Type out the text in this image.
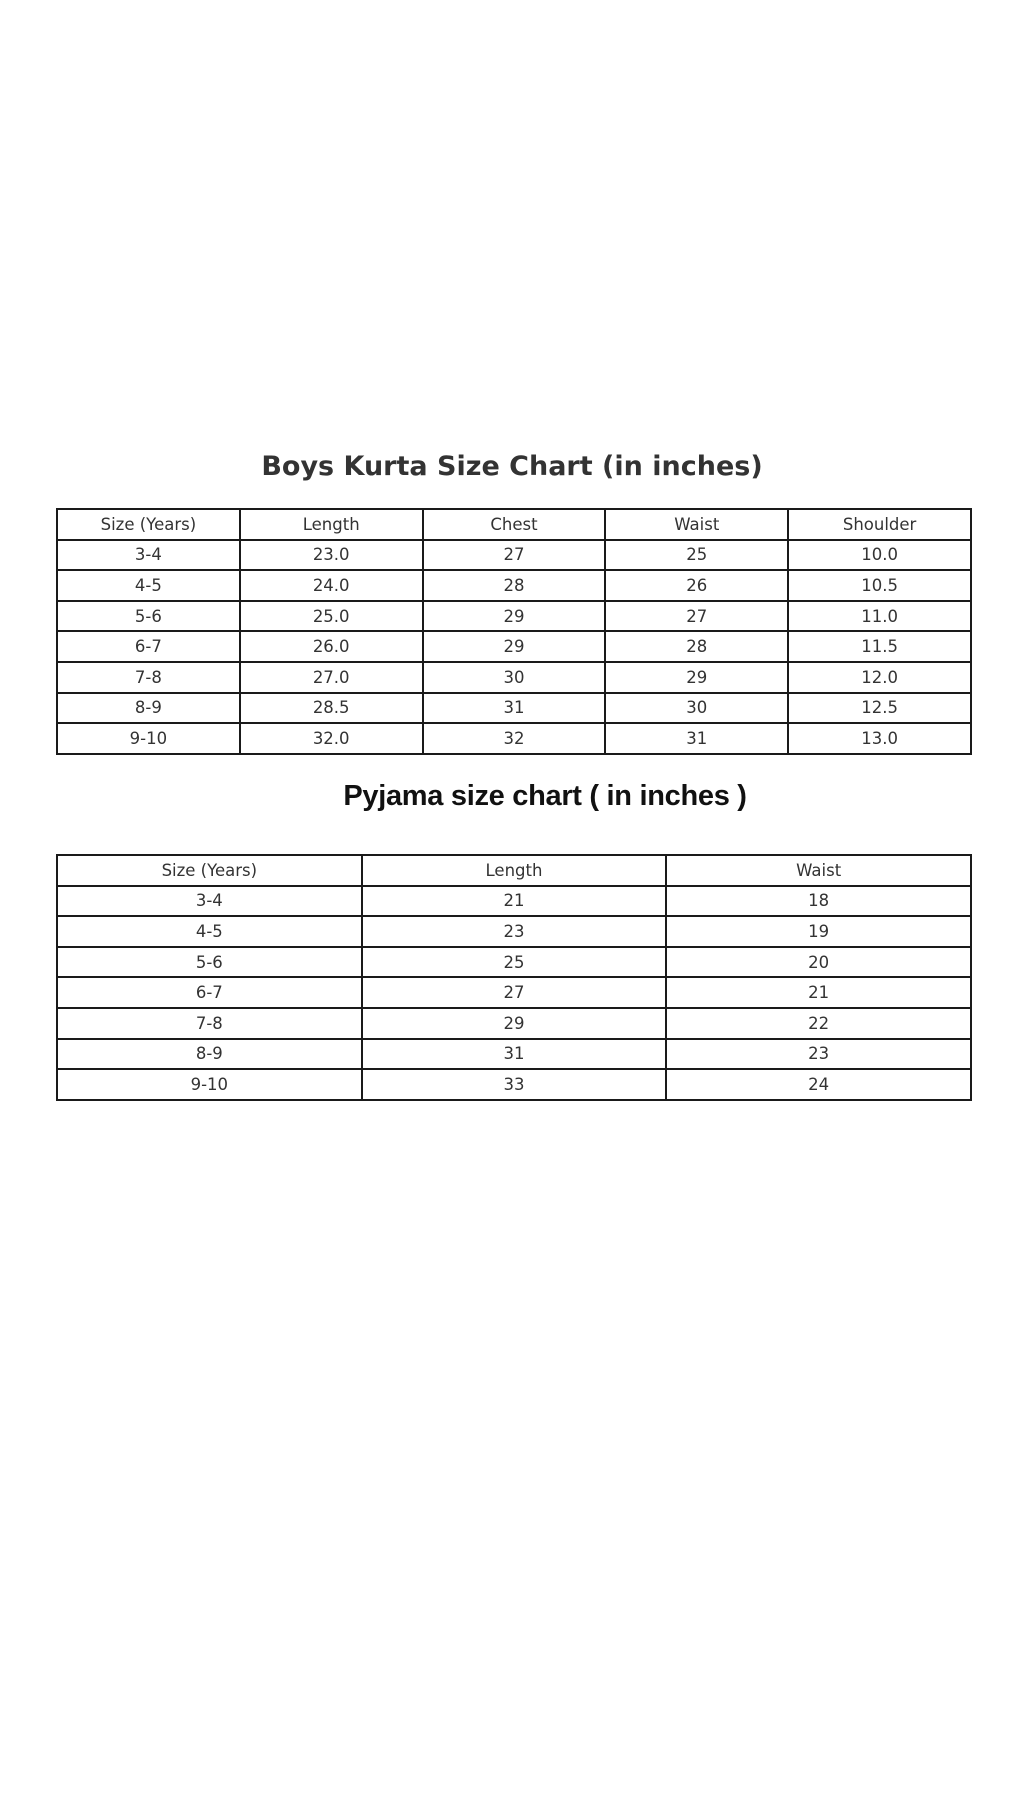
Boys Kurta Size Chart (in inches)
Size (Years)	Length	Chest	Waist	Shoulder
3-4	23.0	27	25	10.0
4-5	24.0	28	26	10.5
5-6	25.0	29	27	11.0
6-7	26.0	29	28	11.5
7-8	27.0	30	29	12.0
8-9	28.5	31	30	12.5
9-10	32.0	32	31	13.0
Pyjama size chart ( in inches )
Size (Years)	Length	Waist
3-4	21	18
4-5	23	19
5-6	25	20
6-7	27	21
7-8	29	22
8-9	31	23
9-10	33	24
